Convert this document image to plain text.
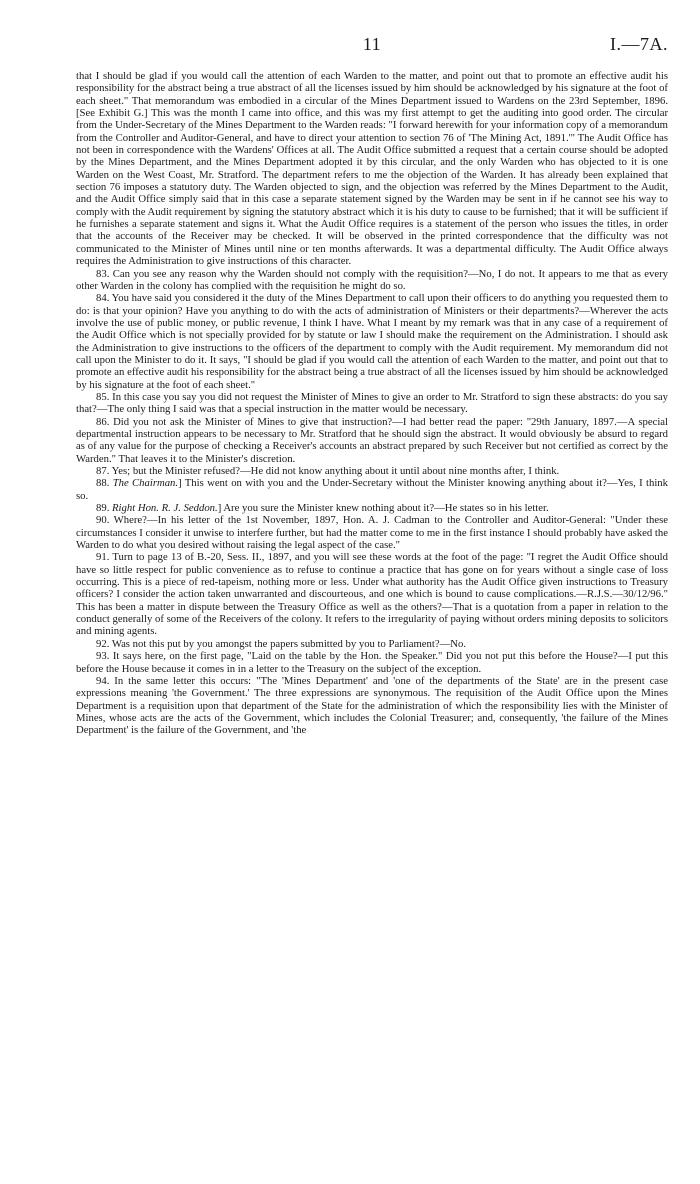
11	I.—7A.

that I should be glad if you would call the attention of each Warden to the matter, and point out that to promote an effective audit his responsibility for the abstract being a true abstract of all the licenses issued by him should be acknowledged by his signature at the foot of each sheet." That memorandum was embodied in a circular of the Mines Department issued to Wardens on the 23rd September, 1896. [See Exhibit G.] This was the month I came into office, and this was my first attempt to get the auditing into good order. The circular from the Under-Secretary of the Mines Department to the Warden reads: "I forward herewith for your information copy of a memorandum from the Controller and Auditor-General, and have to direct your attention to section 76 of 'The Mining Act, 1891.'" The Audit Office has not been in correspondence with the Wardens' Offices at all. The Audit Office submitted a request that a certain course should be adopted by the Mines Department, and the Mines Department adopted it by this circular, and the only Warden who has objected to it is one Warden on the West Coast, Mr. Stratford. The department refers to me the objection of the Warden. It has already been explained that section 76 imposes a statutory duty. The Warden objected to sign, and the objection was referred by the Mines Department to the Audit, and the Audit Office simply said that in this case a separate statement signed by the Warden may be sent in if he cannot see his way to comply with the Audit requirement by signing the statutory abstract which it is his duty to cause to be furnished; that it will be sufficient if he furnishes a separate statement and signs it. What the Audit Office requires is a statement of the person who issues the titles, in order that the accounts of the Receiver may be checked. It will be observed in the printed correspondence that the difficulty was not communicated to the Minister of Mines until nine or ten months afterwards. It was a departmental difficulty. The Audit Office always requires the Administration to give instructions of this character.

83. Can you see any reason why the Warden should not comply with the requisition?—No, I do not. It appears to me that as every other Warden in the colony has complied with the requisition he might do so.

84. You have said you considered it the duty of the Mines Department to call upon their officers to do anything you requested them to do: is that your opinion? Have you anything to do with the acts of administration of Ministers or their departments?—Wherever the acts involve the use of public money, or public revenue, I think I have. What I meant by my remark was that in any case of a requirement of the Audit Office which is not specially provided for by statute or law I should make the requirement on the Administration. I should ask the Administration to give instructions to the officers of the department to comply with the Audit requirement. My memorandum did not call upon the Minister to do it. It says, "I should be glad if you would call the attention of each Warden to the matter, and point out that to promote an effective audit his responsibility for the abstract being a true abstract of all the licenses issued by him should be acknowledged by his signature at the foot of each sheet."

85. In this case you say you did not request the Minister of Mines to give an order to Mr. Stratford to sign these abstracts: do you say that?—The only thing I said was that a special instruction in the matter would be necessary.

86. Did you not ask the Minister of Mines to give that instruction?—I had better read the paper: "29th January, 1897.—A special departmental instruction appears to be necessary to Mr. Stratford that he should sign the abstract. It would obviously be absurd to regard as of any value for the purpose of checking a Receiver's accounts an abstract prepared by such Receiver but not certified as correct by the Warden." That leaves it to the Minister's discretion.

87. Yes; but the Minister refused?—He did not know anything about it until about nine months after, I think.

88. The Chairman.] This went on with you and the Under-Secretary without the Minister knowing anything about it?—Yes, I think so.

89. Right Hon. R. J. Seddon.] Are you sure the Minister knew nothing about it?—He states so in his letter.

90. Where?—In his letter of the 1st November, 1897, Hon. A. J. Cadman to the Controller and Auditor-General: "Under these circumstances I consider it unwise to interfere further, but had the matter come to me in the first instance I should probably have asked the Warden to do what you desired without raising the legal aspect of the case."

91. Turn to page 13 of B.-20, Sess. II., 1897, and you will see these words at the foot of the page: "I regret the Audit Office should have so little respect for public convenience as to refuse to continue a practice that has gone on for years without a single case of loss occurring. This is a piece of red-tapeism, nothing more or less. Under what authority has the Audit Office given instructions to Treasury officers? I consider the action taken unwarranted and discourteous, and one which is bound to cause complications.—R.J.S.—30/12/96." This has been a matter in dispute between the Treasury Office as well as the others?—That is a quotation from a paper in relation to the conduct generally of some of the Receivers of the colony. It refers to the irregularity of paying without orders mining deposits to solicitors and mining agents.

92. Was not this put by you amongst the papers submitted by you to Parliament?—No.

93. It says here, on the first page, "Laid on the table by the Hon. the Speaker." Did you not put this before the House?—I put this before the House because it comes in in a letter to the Treasury on the subject of the exception.

94. In the same letter this occurs: "The 'Mines Department' and 'one of the departments of the State' are in the present case expressions meaning 'the Government.' The three expressions are synonymous. The requisition of the Audit Office upon the Mines Department is a requisition upon that department of the State for the administration of which the responsibility lies with the Minister of Mines, whose acts are the acts of the Government, which includes the Colonial Treasurer; and, consequently, 'the failure of the Mines Department' is the failure of the Government, and 'the
